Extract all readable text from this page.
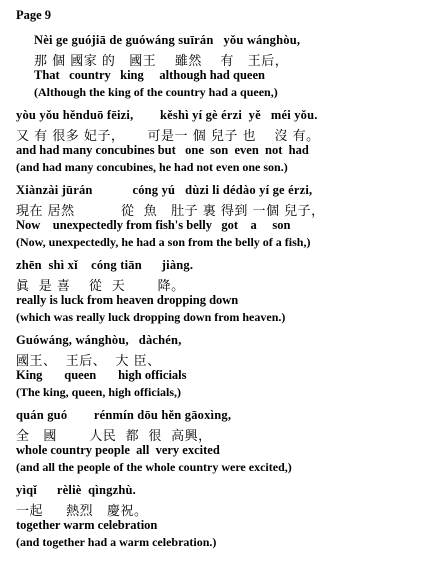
Page 9
Nèi ge guójiā de guówáng suīrán   yǒu wánghòu,
那 個 國家 的   國王    雖然    有   王后，
That   country   king     although had queen
(Although the king of the country had a queen,)
yòu yǒu hěnduō fēizi,        kěshì yí gè érzi  yě   méi yǒu.
又 有 很多 妃子，     可是一 個 兒子 也    沒 有。
and had many concubines but   one  son  even  not  had
(and had many concubines, he had not even one son.)
Xiànzài jūrán            cóng yú   dùzi li dédào yí ge érzi,
現在 居然          從  魚   肚子 裏 得到 一個 兒子，
Now    unexpectedly from fish's belly   got    a     son
(Now, unexpectedly, he had a son from the belly of a fish,)
zhēn  shì xǐ    cóng tiān      jiàng.
眞  是 喜    從  天       降。
really is luck from heaven dropping down
(which was really luck dropping down from heaven.)
Guówáng, wánghòu,   dàchén,
國王、  王后、  大 臣、
King       queen       high officials
(The king, queen, high officials,)
quán guó        rénmín dōu hěn gāoxìng,
全   國       人民  都  很  高興，
whole country people  all  very excited
(and all the people of the whole country were excited,)
yìqǐ      rèliè  qìngzhù.
一起     熱烈   慶祝。
together warm celebration
(and together had a warm celebration.)
